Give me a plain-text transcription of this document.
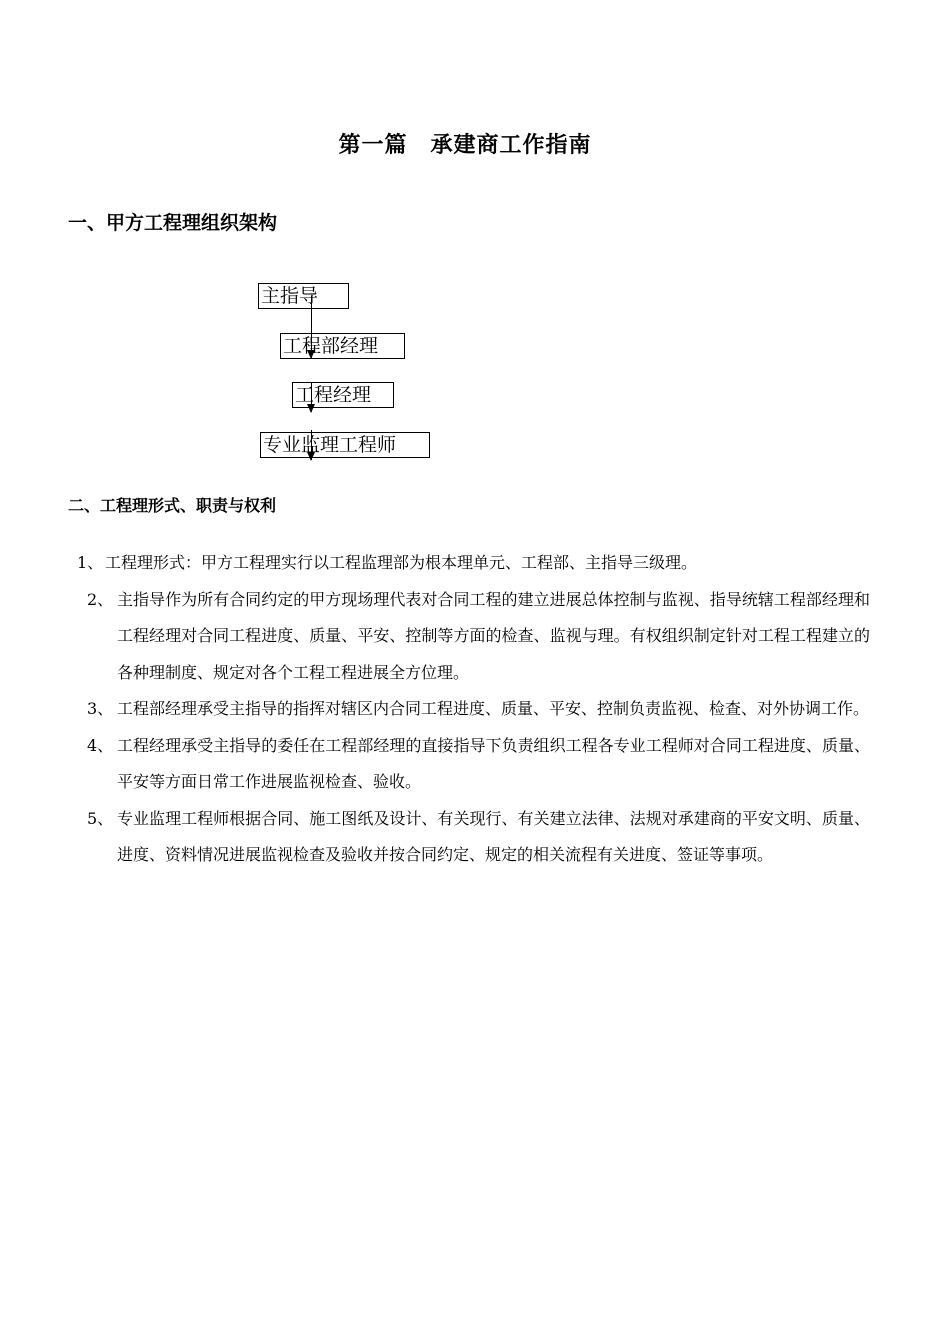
第一篇　承建商工作指南
一、甲方工程理组织架构
主指导
工程部经理
工程经理
专业监理工程师
二、工程理形式、职责与权利
1、 工程理形式：甲方工程理实行以工程监理部为根本理单元、工程部、主指导三级理。
2、 主指导作为所有合同约定的甲方现场理代表对合同工程的建立进展总体控制与监视、指导统辖工程部经理和工程经理对合同工程进度、质量、平安、控制等方面的检查、监视与理。有权组织制定针对工程工程建立的各种理制度、规定对各个工程工程进展全方位理。
3、 工程部经理承受主指导的指挥对辖区内合同工程进度、质量、平安、控制负责监视、检查、对外协调工作。
4、 工程经理承受主指导的委任在工程部经理的直接指导下负责组织工程各专业工程师对合同工程进度、质量、平安等方面日常工作进展监视检查、验收。
5、 专业监理工程师根据合同、施工图纸及设计、有关现行、有关建立法律、法规对承建商的平安文明、质量、进度、资料情况进展监视检查及验收并按合同约定、规定的相关流程有关进度、签证等事项。
